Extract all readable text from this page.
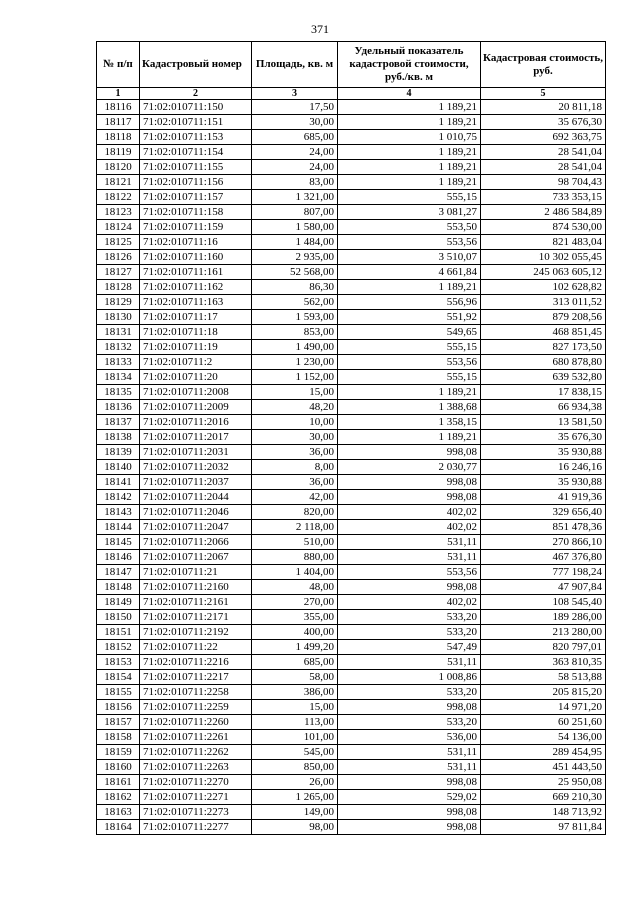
371
№ п/п	Кадастровый номер	Площадь, кв. м	Удельный показатель кадастровой стоимости, руб./кв. м	Кадастровая стоимость, руб.
1	2	3	4	5
18116	71:02:010711:150	17,50	1 189,21	20 811,18
18117	71:02:010711:151	30,00	1 189,21	35 676,30
18118	71:02:010711:153	685,00	1 010,75	692 363,75
18119	71:02:010711:154	24,00	1 189,21	28 541,04
18120	71:02:010711:155	24,00	1 189,21	28 541,04
18121	71:02:010711:156	83,00	1 189,21	98 704,43
18122	71:02:010711:157	1 321,00	555,15	733 353,15
18123	71:02:010711:158	807,00	3 081,27	2 486 584,89
18124	71:02:010711:159	1 580,00	553,50	874 530,00
18125	71:02:010711:16	1 484,00	553,56	821 483,04
18126	71:02:010711:160	2 935,00	3 510,07	10 302 055,45
18127	71:02:010711:161	52 568,00	4 661,84	245 063 605,12
18128	71:02:010711:162	86,30	1 189,21	102 628,82
18129	71:02:010711:163	562,00	556,96	313 011,52
18130	71:02:010711:17	1 593,00	551,92	879 208,56
18131	71:02:010711:18	853,00	549,65	468 851,45
18132	71:02:010711:19	1 490,00	555,15	827 173,50
18133	71:02:010711:2	1 230,00	553,56	680 878,80
18134	71:02:010711:20	1 152,00	555,15	639 532,80
18135	71:02:010711:2008	15,00	1 189,21	17 838,15
18136	71:02:010711:2009	48,20	1 388,68	66 934,38
18137	71:02:010711:2016	10,00	1 358,15	13 581,50
18138	71:02:010711:2017	30,00	1 189,21	35 676,30
18139	71:02:010711:2031	36,00	998,08	35 930,88
18140	71:02:010711:2032	8,00	2 030,77	16 246,16
18141	71:02:010711:2037	36,00	998,08	35 930,88
18142	71:02:010711:2044	42,00	998,08	41 919,36
18143	71:02:010711:2046	820,00	402,02	329 656,40
18144	71:02:010711:2047	2 118,00	402,02	851 478,36
18145	71:02:010711:2066	510,00	531,11	270 866,10
18146	71:02:010711:2067	880,00	531,11	467 376,80
18147	71:02:010711:21	1 404,00	553,56	777 198,24
18148	71:02:010711:2160	48,00	998,08	47 907,84
18149	71:02:010711:2161	270,00	402,02	108 545,40
18150	71:02:010711:2171	355,00	533,20	189 286,00
18151	71:02:010711:2192	400,00	533,20	213 280,00
18152	71:02:010711:22	1 499,20	547,49	820 797,01
18153	71:02:010711:2216	685,00	531,11	363 810,35
18154	71:02:010711:2217	58,00	1 008,86	58 513,88
18155	71:02:010711:2258	386,00	533,20	205 815,20
18156	71:02:010711:2259	15,00	998,08	14 971,20
18157	71:02:010711:2260	113,00	533,20	60 251,60
18158	71:02:010711:2261	101,00	536,00	54 136,00
18159	71:02:010711:2262	545,00	531,11	289 454,95
18160	71:02:010711:2263	850,00	531,11	451 443,50
18161	71:02:010711:2270	26,00	998,08	25 950,08
18162	71:02:010711:2271	1 265,00	529,02	669 210,30
18163	71:02:010711:2273	149,00	998,08	148 713,92
18164	71:02:010711:2277	98,00	998,08	97 811,84
